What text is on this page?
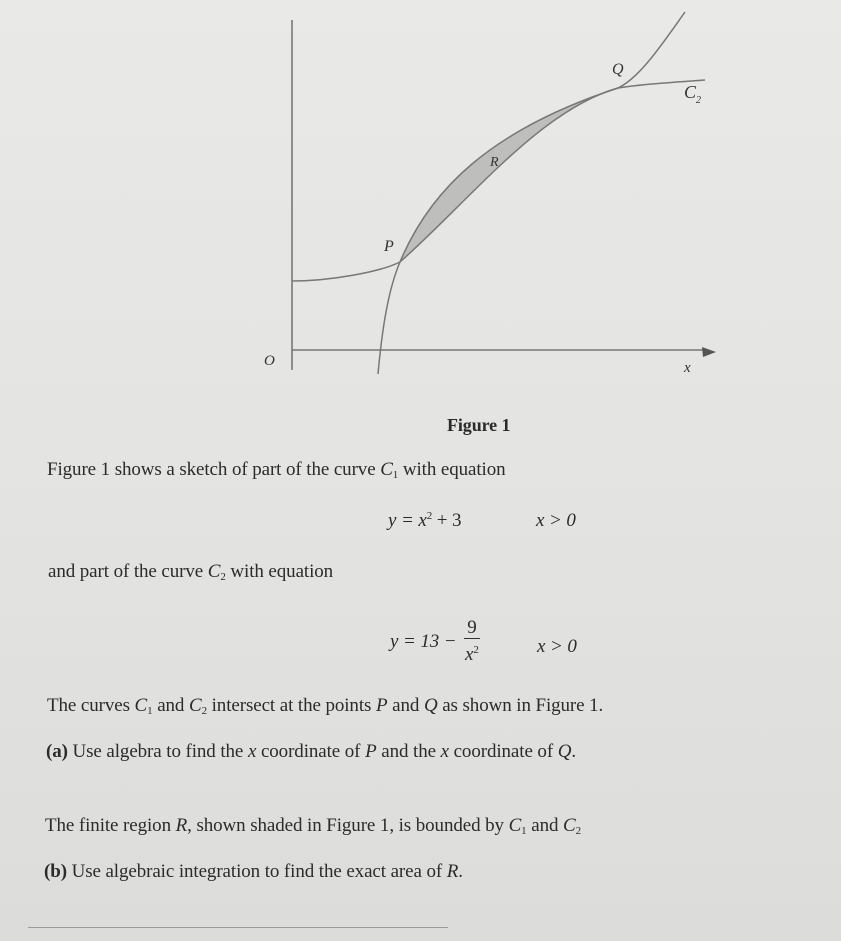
O	x
P
Q
R
$C_2$
Figure 1
Figure 1 shows a sketch of part of the curve $C_1$ with equation
$y = x^2 + 3$	x > 0
and part of the curve $C_2$ with equation
$y = 13 - \frac{9}{x^2}$	x > 0
The curves $C_1$ and $C_2$ intersect at the points P and Q as shown in Figure 1.
(a) Use algebra to find the x coordinate of P and the x coordinate of Q.
The finite region R, shown shaded in Figure 1, is bounded by $C_1$ and $C_2$
(b) Use algebraic integration to find the exact area of R.
